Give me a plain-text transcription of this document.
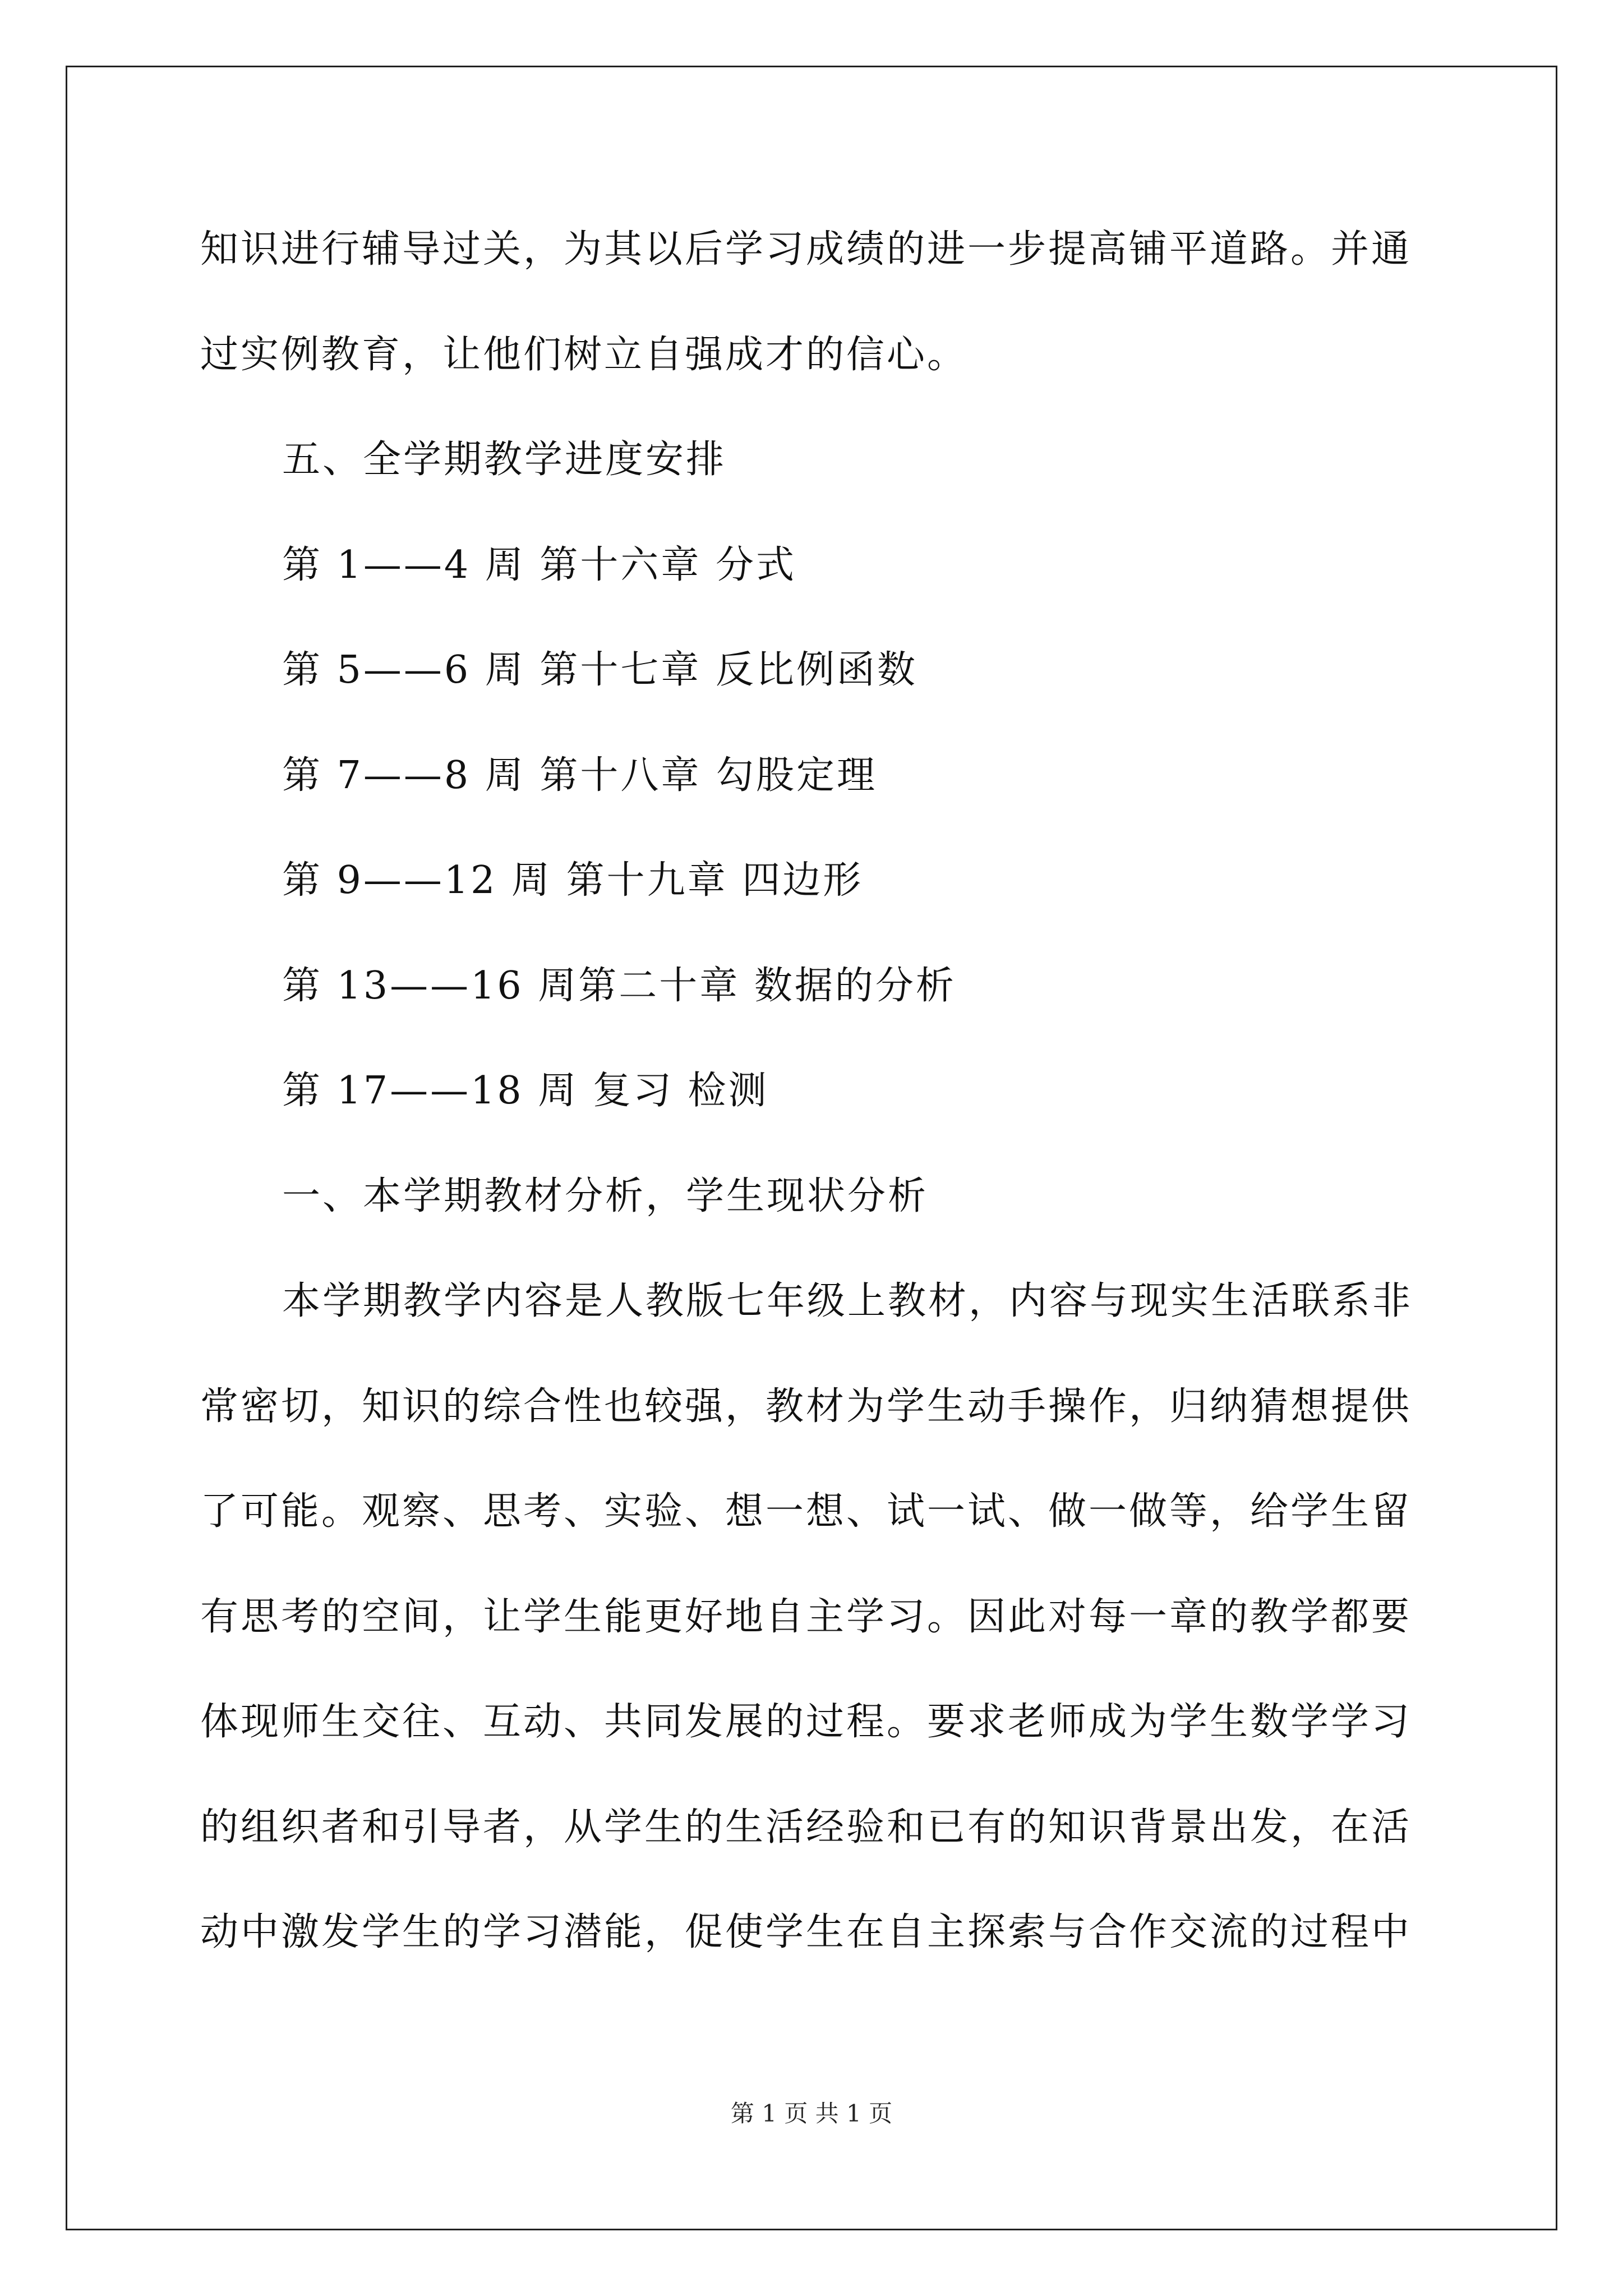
知识进行辅导过关，为其以后学习成绩的进一步提高铺平道路。并通
过实例教育，让他们树立自强成才的信心。
五、全学期教学进度安排
第 1——4 周 第十六章 分式
第 5——6 周 第十七章 反比例函数
第 7——8 周 第十八章 勾股定理
第 9——12 周 第十九章 四边形
第 13——16 周第二十章 数据的分析
第 17——18 周 复习 检测
一、本学期教材分析，学生现状分析
本学期教学内容是人教版七年级上教材，内容与现实生活联系非
常密切，知识的综合性也较强，教材为学生动手操作，归纳猜想提供
了可能。观察、思考、实验、想一想、试一试、做一做等，给学生留
有思考的空间，让学生能更好地自主学习。因此对每一章的教学都要
体现师生交往、互动、共同发展的过程。要求老师成为学生数学学习
的组织者和引导者，从学生的生活经验和已有的知识背景出发，在活
动中激发学生的学习潜能，促使学生在自主探索与合作交流的过程中
第 1 页 共 1 页
